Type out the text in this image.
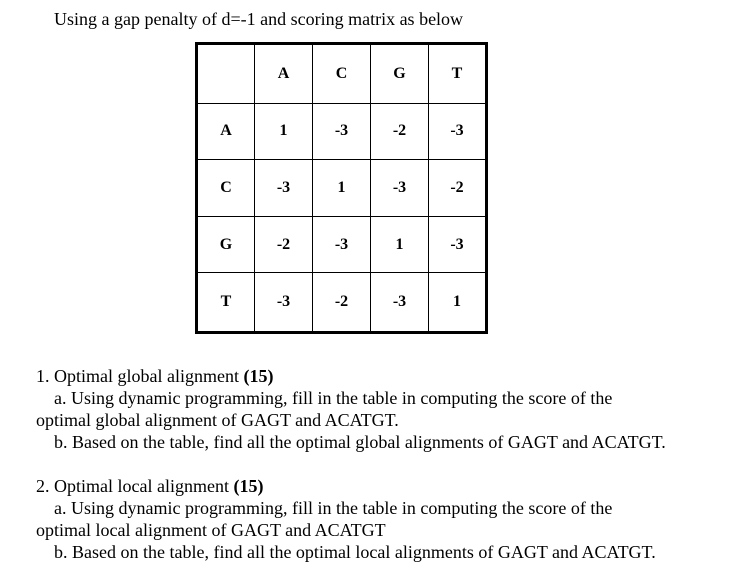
Using a gap penalty of d=-1 and scoring matrix as below
	A	C	G	T
A	1	-3	-2	-3
C	-3	1	-3	-2
G	-2	-3	1	-3
T	-3	-2	-3	1
1. Optimal global alignment (15)
a. Using dynamic programming, fill in the table in computing the score of the
optimal global alignment of GAGT and ACATGT.
b. Based on the table, find all the optimal global alignments of GAGT and ACATGT.
2. Optimal local alignment (15)
a. Using dynamic programming, fill in the table in computing the score of the
optimal local alignment of GAGT and ACATGT
b. Based on the table, find all the optimal local alignments of GAGT and ACATGT.
